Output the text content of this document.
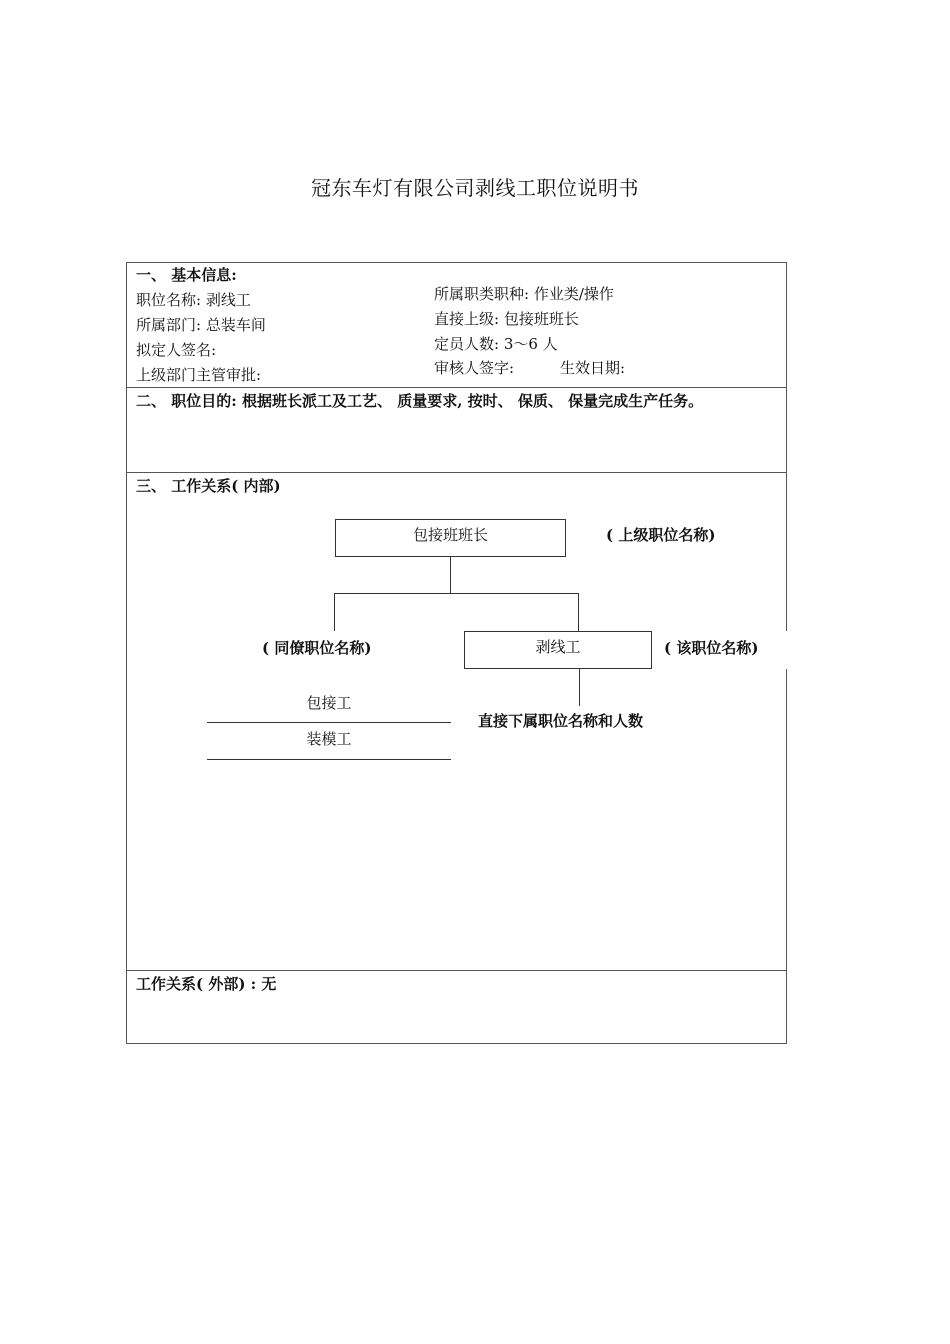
冠东车灯有限公司剥线工职位说明书
一、 基本信息:
职位名称: 剥线工
所属部门: 总装车间
拟定人签名:
上级部门主管审批:
所属职类职种: 作业类/操作
直接上级: 包接班班长
定员人数: 3～6 人
审核人签字:	生效日期:
二、 职位目的: 根据班长派工及工艺、 质量要求, 按时、 保质、 保量完成生产任务。
三、 工作关系( 内部)
包接班班长	( 上级职位名称)
( 同僚职位名称)	剥线工	( 该职位名称)
包接工
装模工
直接下属职位名称和人数
工作关系( 外部) : 无
